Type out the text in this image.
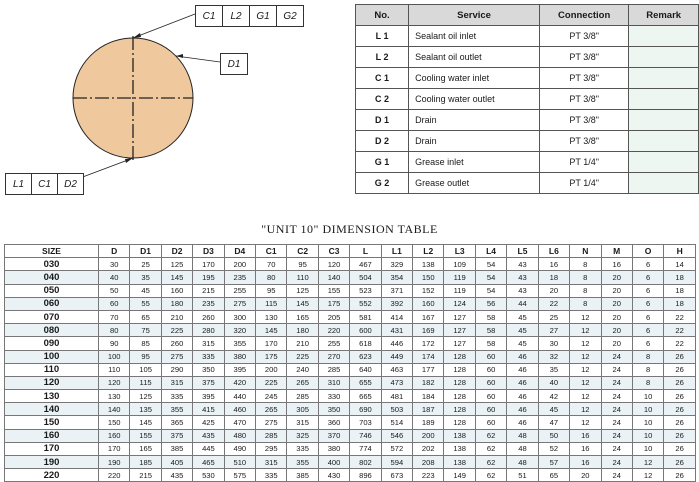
C1	L2	G1	G2
D1
L1	C1	D2
No.	Service	Connection	Remark
L 1	Sealant oil inlet	PT 3/8"	
L 2	Sealant oil outlet	PT 3/8"	
C 1	Cooling water inlet	PT 3/8"	
C 2	Cooling water outlet	PT 3/8"	
D 1	Drain	PT 3/8"	
D 2	Drain	PT 3/8"	
G 1	Grease inlet	PT 1/4"	
G 2	Grease outlet	PT 1/4"	
"UNIT 10" DIMENSION TABLE
SIZE	D	D1	D2	D3	D4	C1	C2	C3	L	L1	L2	L3	L4	L5	L6	N	M	O	H
030	30	25	125	170	200	70	95	120	467	329	138	109	54	43	16	8	16	6	14
040	40	35	145	195	235	80	110	140	504	354	150	119	54	43	18	8	20	6	18
050	50	45	160	215	255	95	125	155	523	371	152	119	54	43	20	8	20	6	18
060	60	55	180	235	275	115	145	175	552	392	160	124	56	44	22	8	20	6	18
070	70	65	210	260	300	130	165	205	581	414	167	127	58	45	25	12	20	6	22
080	80	75	225	280	320	145	180	220	600	431	169	127	58	45	27	12	20	6	22
090	90	85	260	315	355	170	210	255	618	446	172	127	58	45	30	12	20	6	22
100	100	95	275	335	380	175	225	270	623	449	174	128	60	46	32	12	24	8	26
110	110	105	290	350	395	200	240	285	640	463	177	128	60	46	35	12	24	8	26
120	120	115	315	375	420	225	265	310	655	473	182	128	60	46	40	12	24	8	26
130	130	125	335	395	440	245	285	330	665	481	184	128	60	46	42	12	24	10	26
140	140	135	355	415	460	265	305	350	690	503	187	128	60	46	45	12	24	10	26
150	150	145	365	425	470	275	315	360	703	514	189	128	60	46	47	12	24	10	26
160	160	155	375	435	480	285	325	370	746	546	200	138	62	48	50	16	24	10	26
170	170	165	385	445	490	295	335	380	774	572	202	138	62	48	52	16	24	10	26
190	190	185	405	465	510	315	355	400	802	594	208	138	62	48	57	16	24	12	26
220	220	215	435	530	575	335	385	430	896	673	223	149	62	51	65	20	24	12	26
